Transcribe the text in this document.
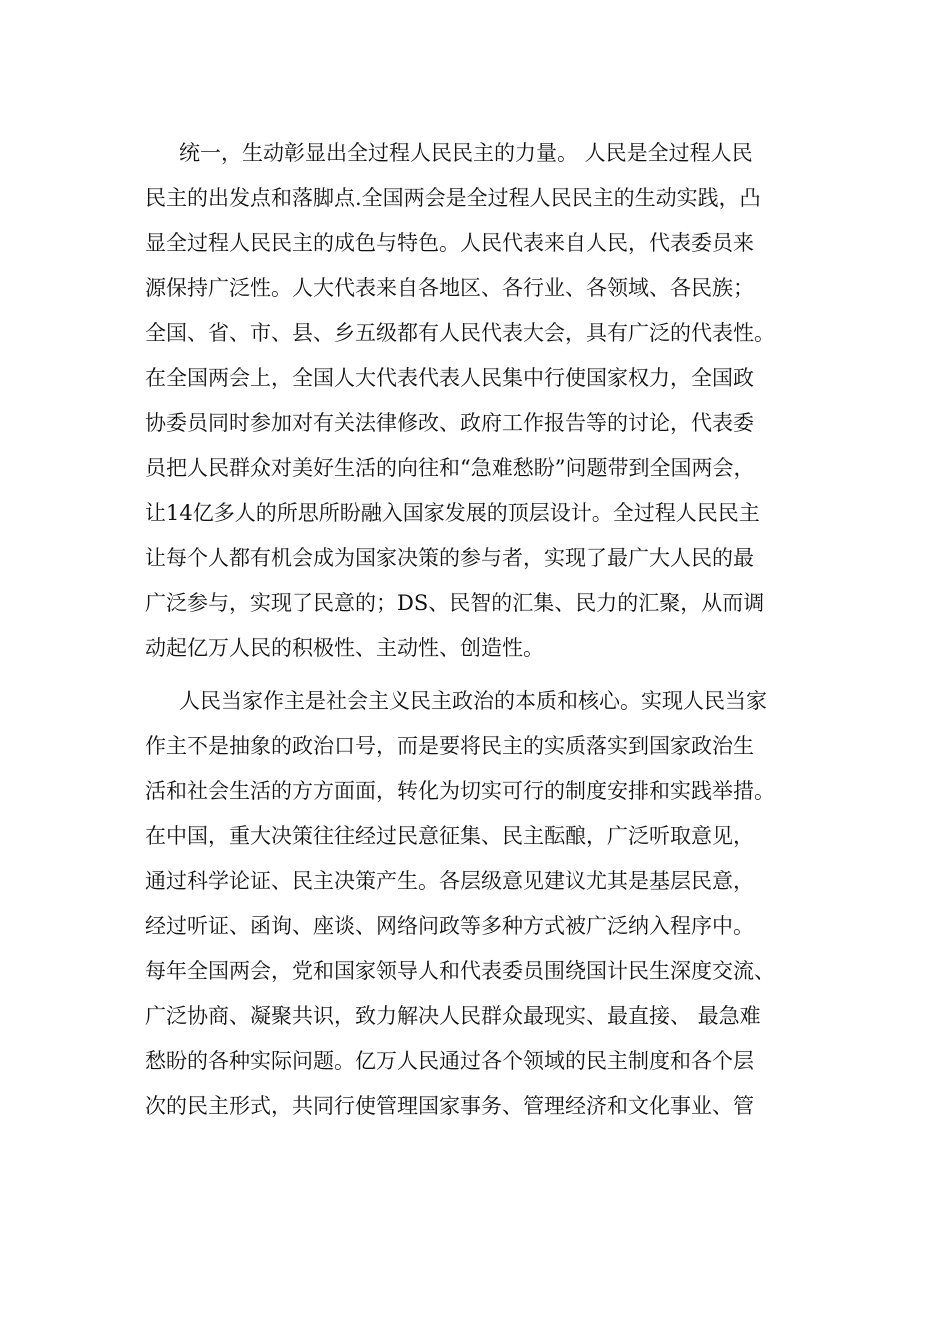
统一，生动彰显出全过程人民民主的力量。 人民是全过程人民
民主的出发点和落脚点.全国两会是全过程人民民主的生动实践，凸
显全过程人民民主的成色与特色。人民代表来自人民，代表委员来
源保持广泛性。人大代表来自各地区、各行业、各领域、各民族；
全国、省、市、县、乡五级都有人民代表大会，具有广泛的代表性。
在全国两会上，全国人大代表代表人民集中行使国家权力，全国政
协委员同时参加对有关法律修改、政府工作报告等的讨论，代表委
员把人民群众对美好生活的向往和“急难愁盼”问题带到全国两会，
让14亿多人的所思所盼融入国家发展的顶层设计。全过程人民民主
让每个人都有机会成为国家决策的参与者，实现了最广大人民的最
广泛参与，实现了民意的；DS、民智的汇集、民力的汇聚，从而调
动起亿万人民的积极性、主动性、创造性。
人民当家作主是社会主义民主政治的本质和核心。实现人民当家
作主不是抽象的政治口号，而是要将民主的实质落实到国家政治生
活和社会生活的方方面面，转化为切实可行的制度安排和实践举措。
在中国，重大决策往往经过民意征集、民主酝酿，广泛听取意见，
通过科学论证、民主决策产生。各层级意见建议尤其是基层民意，
经过听证、函询、座谈、网络问政等多种方式被广泛纳入程序中。
每年全国两会，党和国家领导人和代表委员围绕国计民生深度交流、
广泛协商、凝聚共识，致力解决人民群众最现实、最直接、 最急难
愁盼的各种实际问题。亿万人民通过各个领域的民主制度和各个层
次的民主形式，共同行使管理国家事务、管理经济和文化事业、管
